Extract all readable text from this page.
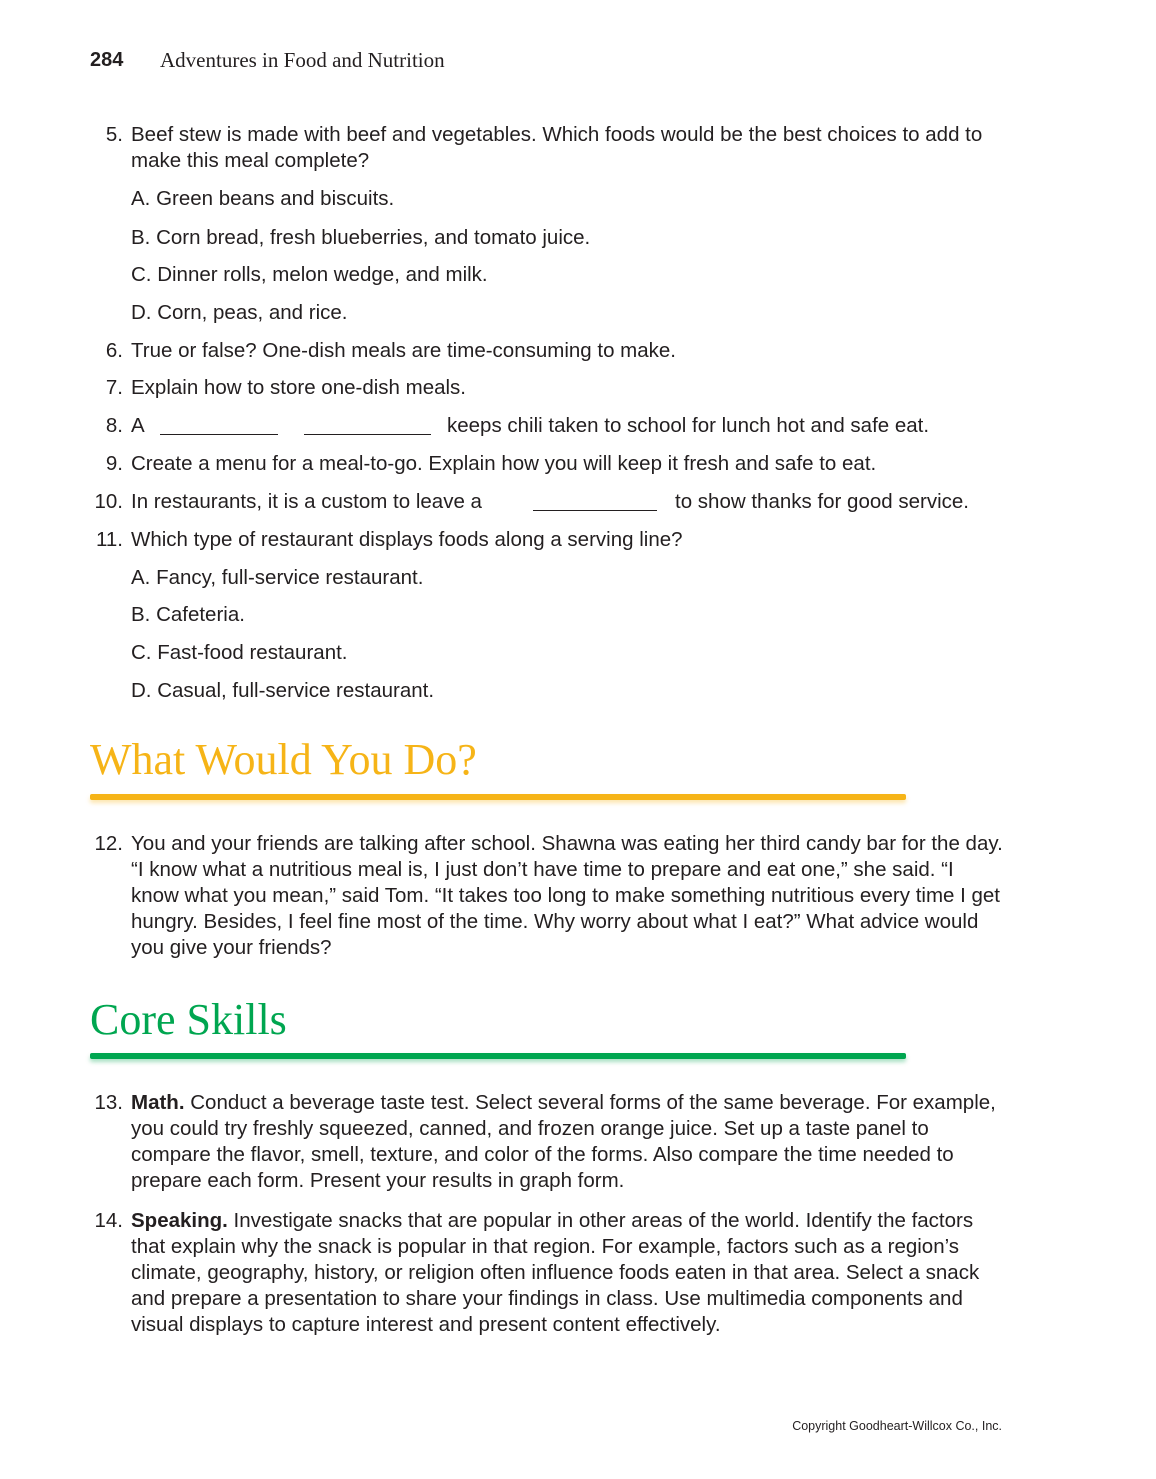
284 Adventures in Food and Nutrition
5. Beef stew is made with beef and vegetables. Which foods would be the best choices to add to make this meal complete?
A. Green beans and biscuits.
B. Corn bread, fresh blueberries, and tomato juice.
C. Dinner rolls, melon wedge, and milk.
D. Corn, peas, and rice.
6. True or false? One-dish meals are time-consuming to make.
7. Explain how to store one-dish meals.
8. A	keeps chili taken to school for lunch hot and safe eat.
9. Create a menu for a meal-to-go. Explain how you will keep it fresh and safe to eat.
10. In restaurants, it is a custom to leave a	to show thanks for good service.
11. Which type of restaurant displays foods along a serving line?
A. Fancy, full-service restaurant.
B. Cafeteria.
C. Fast-food restaurant.
D. Casual, full-service restaurant.
What Would You Do?
12. You and your friends are talking after school. Shawna was eating her third candy bar for the day. “I know what a nutritious meal is, I just don’t have time to prepare and eat one,” she said. “I know what you mean,” said Tom. “It takes too long to make something nutritious every time I get hungry. Besides, I feel fine most of the time. Why worry about what I eat?” What advice would you give your friends?
Core Skills
13. Math. Conduct a beverage taste test. Select several forms of the same beverage. For example, you could try freshly squeezed, canned, and frozen orange juice. Set up a taste panel to compare the flavor, smell, texture, and color of the forms. Also compare the time needed to prepare each form. Present your results in graph form.
14. Speaking. Investigate snacks that are popular in other areas of the world. Identify the factors that explain why the snack is popular in that region. For example, factors such as a region’s climate, geography, history, or religion often influence foods eaten in that area. Select a snack and prepare a presentation to share your findings in class. Use multimedia components and visual displays to capture interest and present content effectively.
Copyright Goodheart-Willcox Co., Inc.
